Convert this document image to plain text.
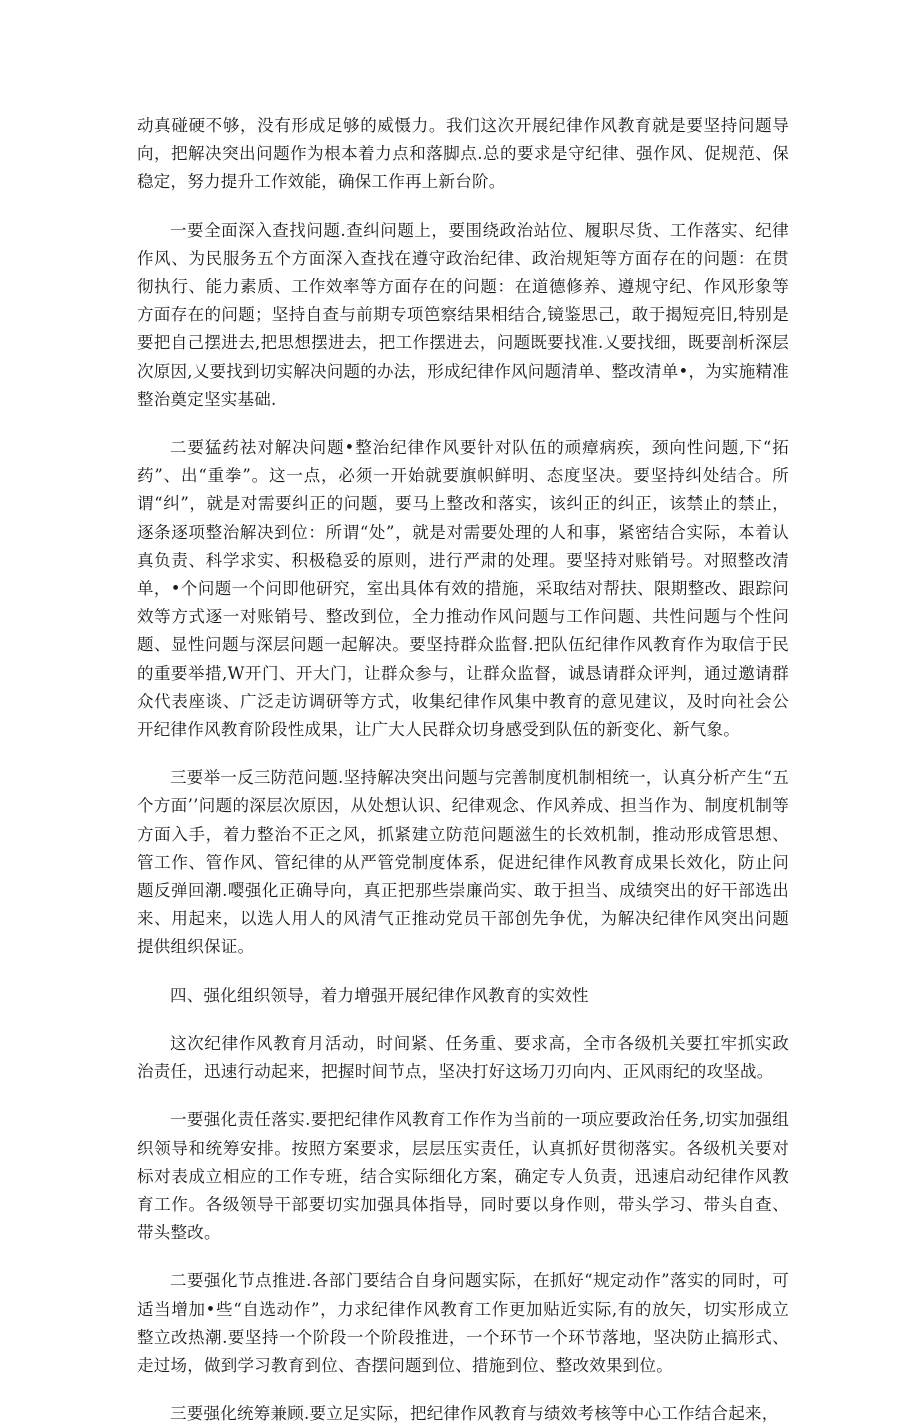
动真碰硬不够，没有形成足够的威慑力。我们这次开展纪律作风教育就是要坚持问题导向，把解决突出问题作为根本着力点和落脚点.总的要求是守纪律、强作风、促规范、保稳定，努力提升工作效能，确保工作再上新台阶。

一要全面深入查找问题.查纠问题上，要围绕政治站位、履职尽货、工作落实、纪律作风、为民服务五个方面深入查找在遵守政治纪律、政治规矩等方面存在的问题：在贯彻执行、能力素质、工作效率等方面存在的问题：在道德修养、遵规守纪、作风形象等方面存在的问题；坚持自查与前期专项笆察结果相结合,镜鉴思己，敢于揭短亮旧,特别是要把自己摆进去,把思想摆进去，把工作摆进去，问题既要找准.乂要找细，既要剖析深层次原因,乂要找到切实解决问题的办法，形成纪律作风问题清单、整改清单•，为实施精准整治奠定坚实基础.

二要猛药祛对解决问题•整治纪律作风要针对队伍的顽瘴病疾，颈向性问题,下“拓药”、出“重拳”。这一点，必须一开始就要旗帜鲜明、态度坚决。要坚持纠处结合。所谓“纠”，就是对需要纠正的问题，要马上整改和落实，该纠正的纠正，该禁止的禁止，逐条逐项整治解决到位：所谓“处”，就是对需要处理的人和事，紧密结合实际，本着认真负责、科学求实、积极稳妥的原则，进行严肃的处理。要坚持对账销号。对照整改清单，•个问题一个问即他研究，室出具体有效的措施，采取结对帮扶、限期整改、跟踪问效等方式逐一对账销号、整改到位，全力推动作风问题与工作问题、共性问题与个性问题、显性问题与深层问题一起解决。要坚持群众监督.把队伍纪律作风教育作为取信于民的重要举措,W开门、开大门，让群众参与，让群众监督，诚恳请群众评判，通过邀请群众代表座谈、广泛走访调研等方式，收集纪律作风集中教育的意见建议，及时向社会公开纪律作风教育阶段性成果，让广大人民群众切身感受到队伍的新变化、新气象。

三要举一反三防范问题.坚持解决突出问题与完善制度机制相统一，认真分析产生“五个方面’’问题的深层次原因，从处想认识、纪律观念、作风养成、担当作为、制度机制等方面入手，着力整治不正之风，抓紧建立防范问题滋生的长效机制，推动形成管思想、管工作、管作风、管纪律的从严管党制度体系，促进纪律作风教育成果长效化，防止问题反弹回潮.嘤强化正确导向，真正把那些崇廉尚实、敢于担当、成绩突出的好干部选出来、用起来，以选人用人的风清气正推动党员干部创先争优，为解决纪律作风突出问题提供组织保证。

四、强化组织领导，着力增强开展纪律作风教育的实效性

这次纪律作风教育月活动，时间紧、任务重、要求高，全市各级机关要扛牢抓实政治责任，迅速行动起来，把握时间节点，坚决打好这场刀刃向内、正风雨纪的攻坚战。

一要强化责任落实.要把纪律作风教育工作作为当前的一项应要政治任务,切实加强组织领导和统筹安排。按照方案要求，层层压实责任，认真抓好贯彻落实。各级机关要对标对表成立相应的工作专班，结合实际细化方案，确定专人负责，迅速启动纪律作风教育工作。各级领导干部要切实加强具体指导，同时要以身作则，带头学习、带头自查、带头整改。

二要强化节点推进.各部门要结合自身问题实际，在抓好“规定动作”落实的同时，可适当增加•些“自选动作”，力求纪律作风教育工作更加贴近实际,有的放矢，切实形成立整立改热潮.要坚持一个阶段一个阶段推进，一个环节一个环节落地，坚决防止搞形式、走过场，做到学习教育到位、杳摆问题到位、措施到位、整改效果到位。

三要强化统筹兼顾.要立足实际，把纪律作风教育与绩效考核等中心工作结合起来，
